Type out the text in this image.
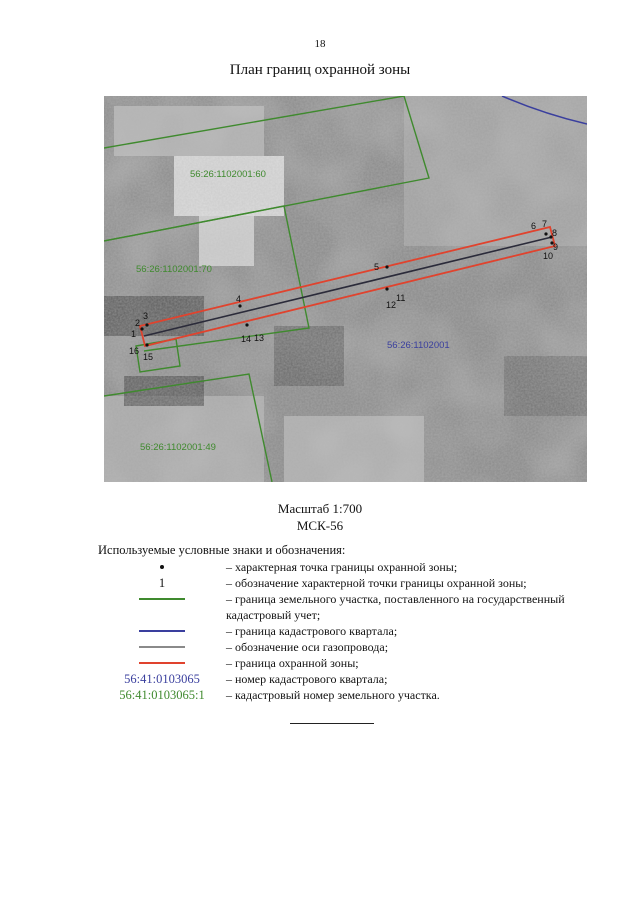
18
План границ охранной зоны
1
2
3
4
5
6 7
8
9
10
11
12
13
14
15
16
56:26:1102001:60
56:26:1102001:70
56:26:1102001:49
56:26:1102001
Масштаб 1:700
МСК-56
Используемые условные знаки и обозначения:
– характерная точка границы охранной зоны;
1	– обозначение характерной точки границы охранной зоны;
– граница земельного участка, поставленного на государственный кадастровый учет;
– граница кадастрового квартала;
– обозначение оси газопровода;
– граница охранной зоны;
56:41:0103065 – номер кадастрового квартала;
56:41:0103065:1 – кадастровый номер земельного участка.
